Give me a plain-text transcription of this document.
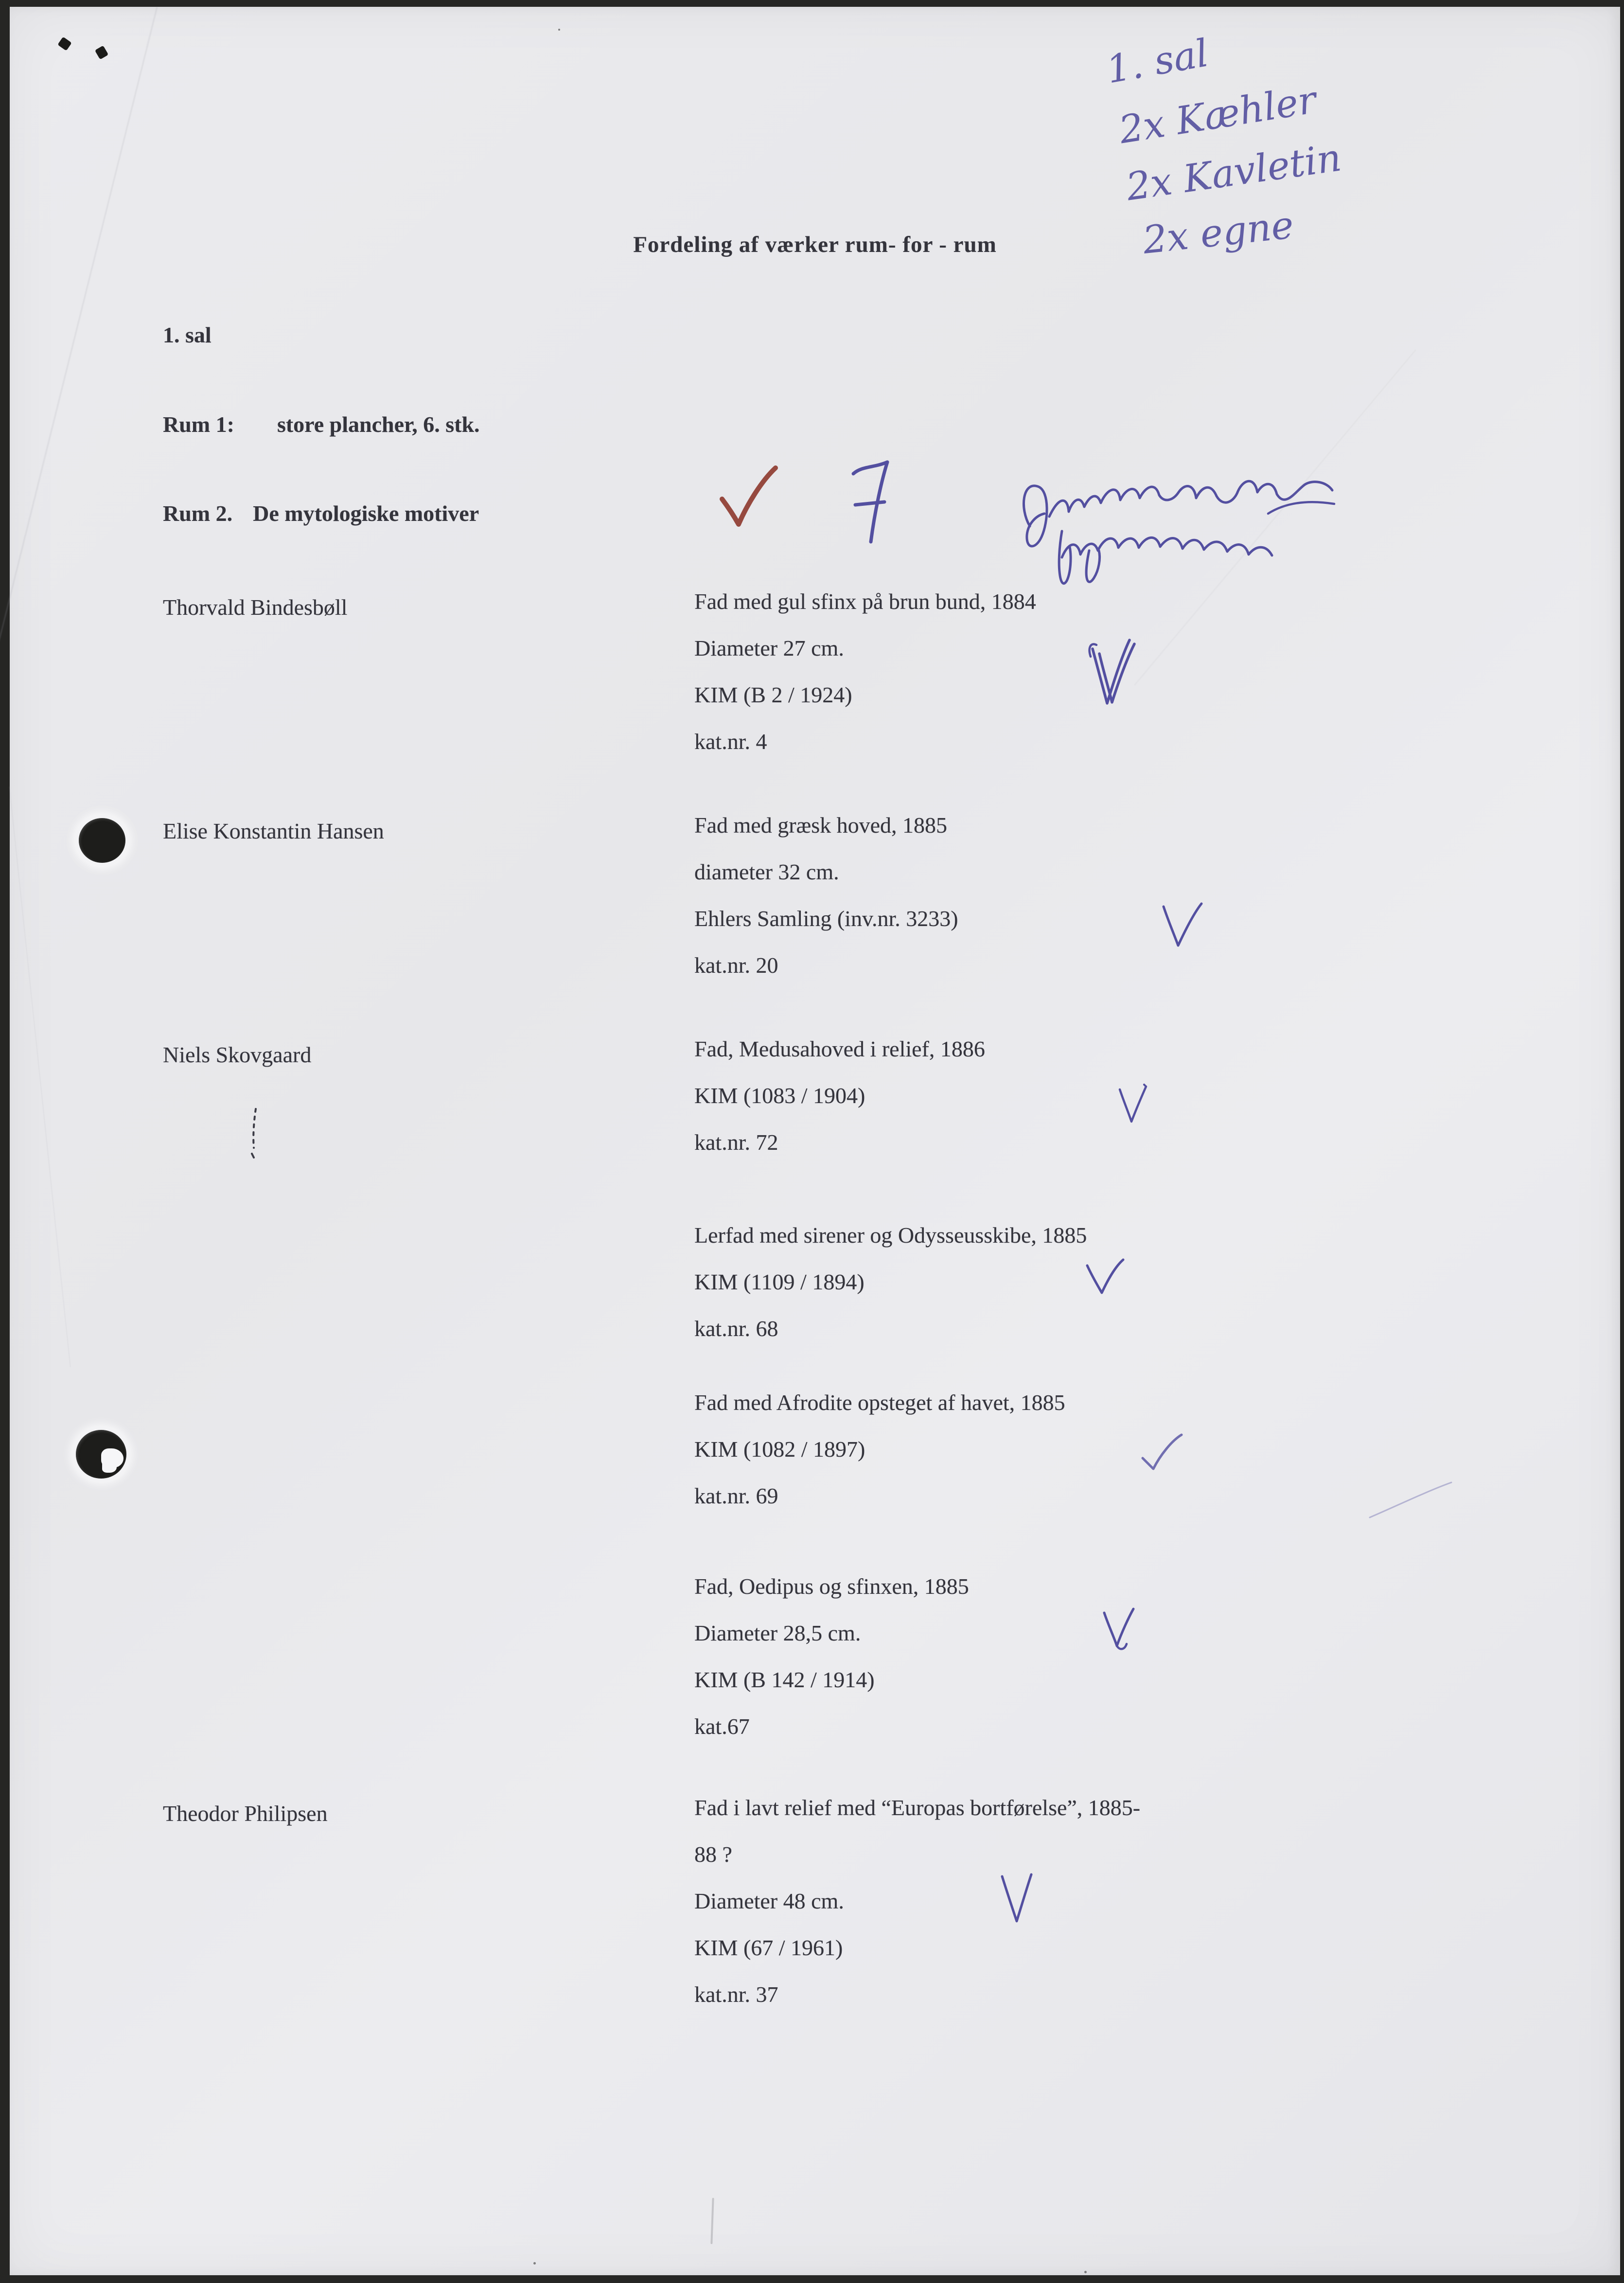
Fordeling af værker rum- for - rum
1. sal
Rum 1: store plancher, 6. stk.
Rum 2. De mytologiske motiver
Thorvald Bindesbøll	Fad med gul sfinx på brun bund, 1884
Diameter 27 cm.
KIM (B 2 / 1924)
kat.nr. 4
Elise Konstantin Hansen	Fad med græsk hoved, 1885
diameter 32 cm.
Ehlers Samling (inv.nr. 3233)
kat.nr. 20
Niels Skovgaard	Fad, Medusahoved i relief, 1886
KIM (1083 / 1904)
kat.nr. 72
Lerfad med sirener og Odysseusskibe, 1885
KIM (1109 / 1894)
kat.nr. 68
Fad med Afrodite opsteget af havet, 1885
KIM (1082 / 1897)
kat.nr. 69
Fad, Oedipus og sfinxen, 1885
Diameter 28,5 cm.
KIM (B 142 / 1914)
kat.67
Theodor Philipsen	Fad i lavt relief med “Europas bortførelse”, 1885-
88 ?
Diameter 48 cm.
KIM (67 / 1961)
kat.nr. 37
1. sal
2x Kæhler
2x Kavletin
2x egne
